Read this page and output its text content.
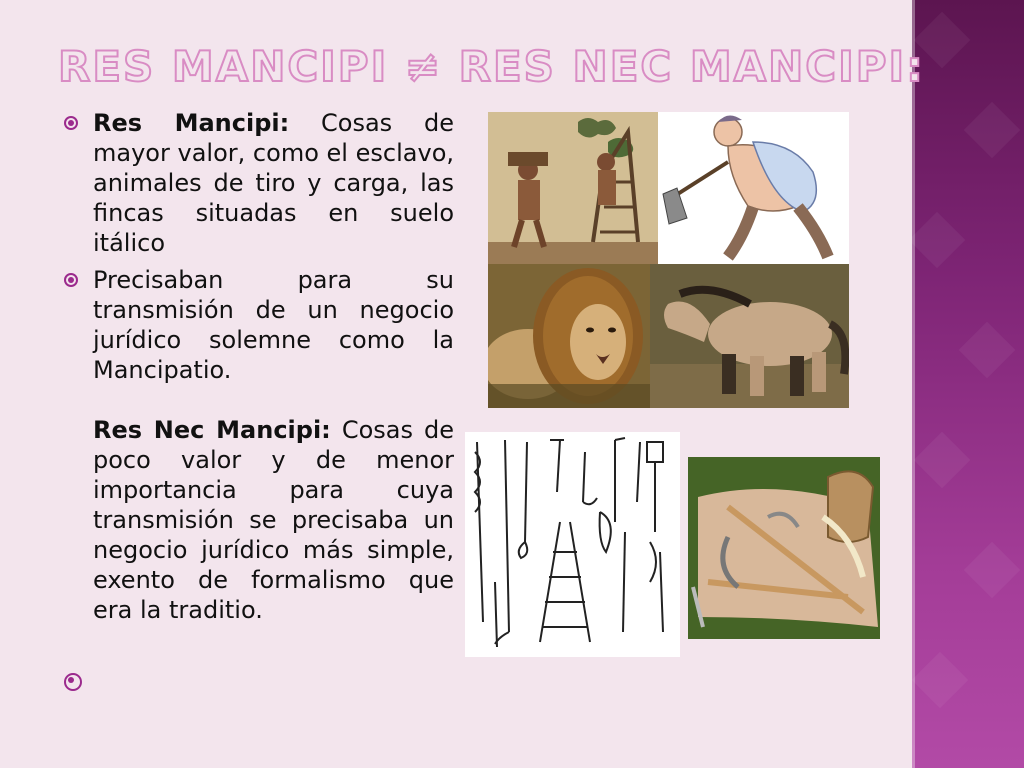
RES MANCIPI ≠ RES NEC MANCIPI:
Res Mancipi: Cosas de mayor valor, como el esclavo, animales de tiro y carga, las fincas situadas en suelo itálico
Precisaban para su transmisión de un negocio jurídico solemne como la Mancipatio.
Res Nec Mancipi: Cosas de poco valor y de menor importancia para cuya transmisión se precisaba un negocio jurídico más simple, exento de formalismo que era la traditio.
